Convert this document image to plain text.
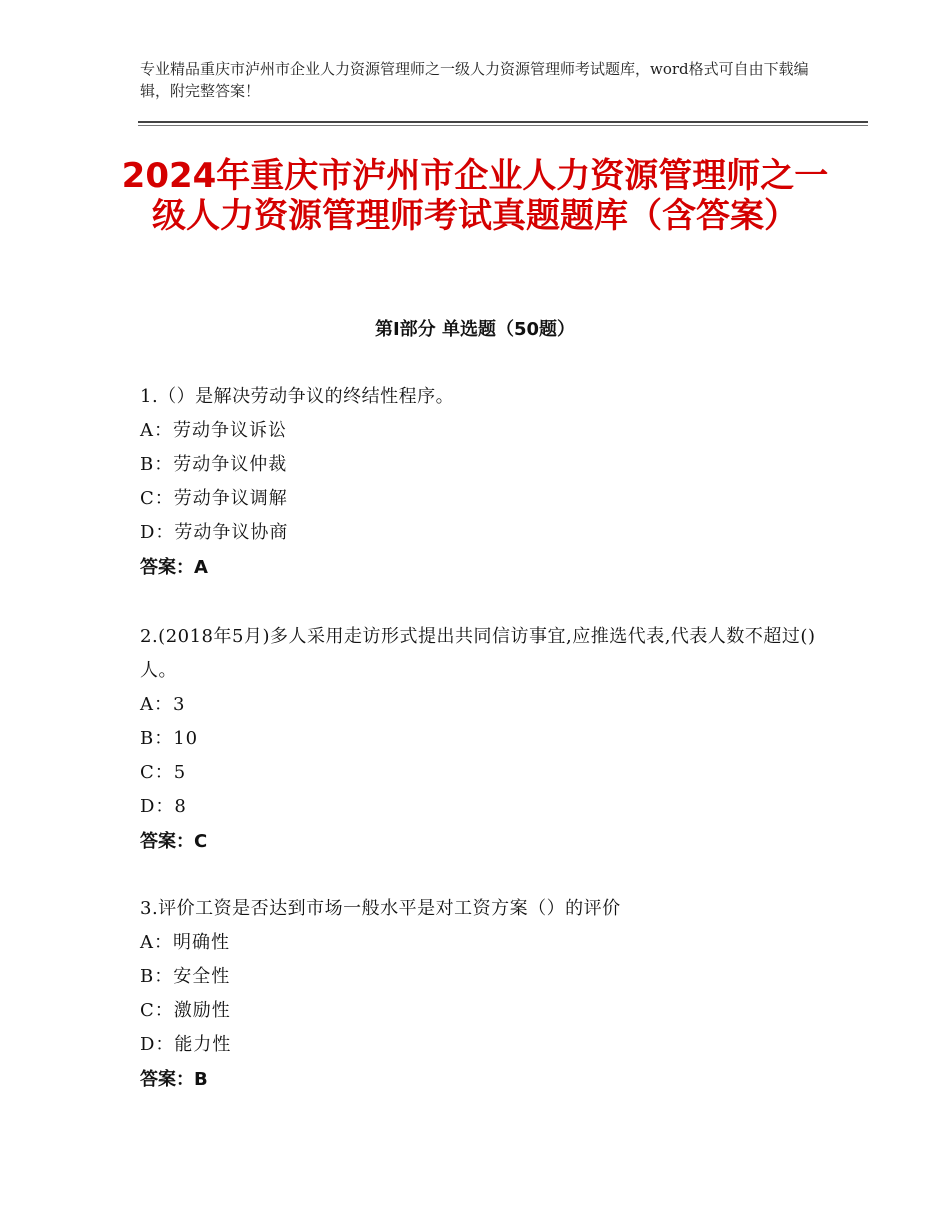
专业精品重庆市泸州市企业人力资源管理师之一级人力资源管理师考试题库，word格式可自由下载编辑，附完整答案！
2024年重庆市泸州市企业人力资源管理师之一级人力资源管理师考试真题题库（含答案）
第Ⅰ部分 单选题（50题）
1.（）是解决劳动争议的终结性程序。
A：劳动争议诉讼
B：劳动争议仲裁
C：劳动争议调解
D：劳动争议协商
答案：A
2.(2018年5月)多人采用走访形式提出共同信访事宜,应推选代表,代表人数不超过()人。
A：3
B：10
C：5
D：8
答案：C
3.评价工资是否达到市场一般水平是对工资方案（）的评价
A：明确性
B：安全性
C：激励性
D：能力性
答案：B
